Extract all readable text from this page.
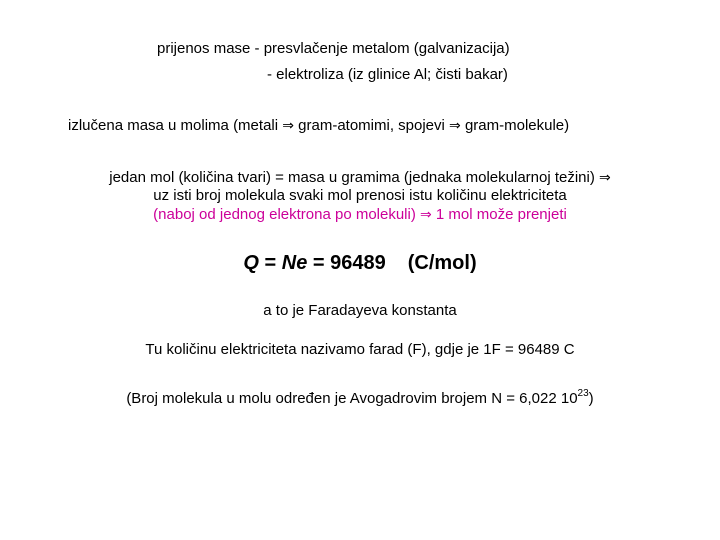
prijenos mase - presvlačenje metalom (galvanizacija)
- elektroliza (iz glinice Al; čisti bakar)
izlučena masa u molima (metali ⇒ gram-atomimi, spojevi ⇒ gram-molekule)
jedan mol (količina tvari) = masa u gramima (jednaka molekularnoj težini) ⇒
uz isti broj molekula svaki mol prenosi istu količinu elektriciteta
(naboj od jednog elektrona po molekuli) ⇒ 1 mol može prenjeti
Q = Ne = 96489 (C/mol)
a to je Faradayeva konstanta
Tu količinu elektriciteta nazivamo farad (F), gdje je 1F = 96489 C
(Broj molekula u molu određen je Avogadrovim brojem N = 6,022 $10^{23}$)
